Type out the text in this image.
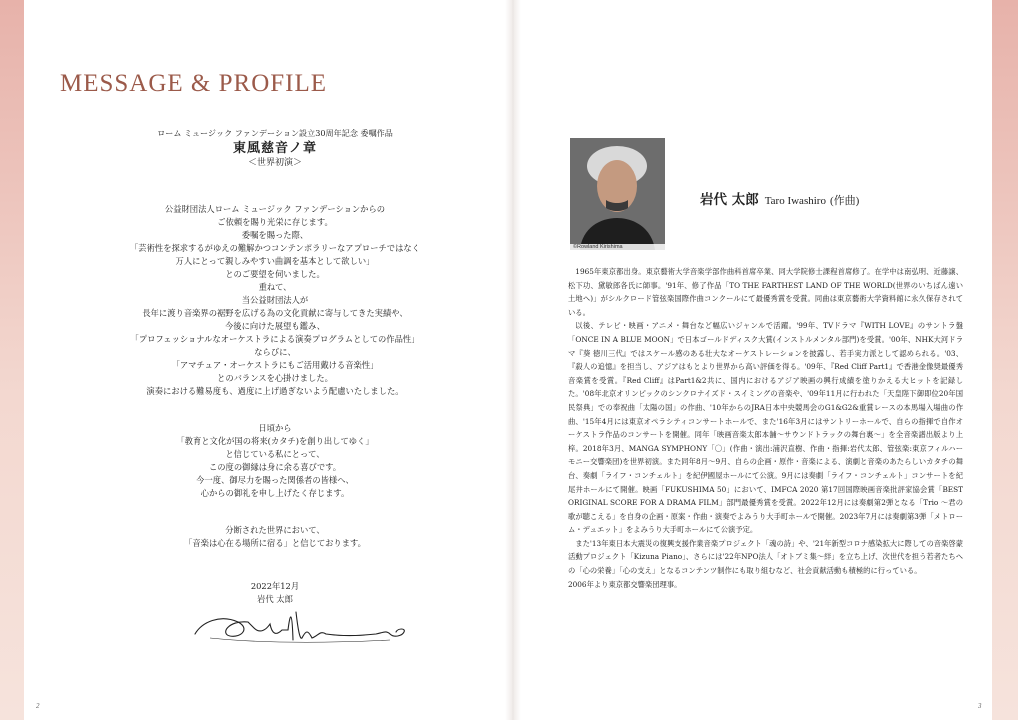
MESSAGE & PROFILE
ローム ミュージック ファンデーション設立30周年記念 委嘱作品
東風慈音ノ章
＜世界初演＞
公益財団法人ローム ミュージック ファンデーションからの
ご依頼を賜り光栄に存じます。
委嘱を賜った際、
「芸術性を探求するがゆえの難解かつコンテンポラリーなアプローチではなく
万人にとって親しみやすい曲調を基本として欲しい」
とのご要望を伺いました。
重ねて、
当公益財団法人が
長年に渡り音楽界の裾野を広げる為の文化貢献に寄与してきた実績や、
今後に向けた展望も鑑み、
「プロフェッショナルなオーケストラによる演奏プログラムとしての作品性」
ならびに、
「アマチュア・オーケストラにもご活用戴ける音楽性」
とのバランスを心掛けました。
演奏における難易度も、過度に上げ過ぎないよう配慮いたしました。
日頃から
「教育と文化が国の将来(カタチ)を創り出してゆく」
と信じている私にとって、
この度の御縁は身に余る喜びです。
今一度、御尽力を賜った関係者の皆様へ、
心からの御礼を申し上げたく存じます。
分断された世界において、
「音楽は心在る場所に宿る」と信じております。
2022年12月
岩代 太郎
©Rowland Kirishima
岩代 太郎 Taro Iwashiro (作曲)

1965年東京都出身。東京藝術大学音楽学部作曲科首席卒業、同大学院修士課程首席修了。在学中は南弘明、近藤譲、松下功、黛敏郎各氏に師事。'91年、修了作品「TO THE FARTHEST LAND OF THE WORLD(世界のいちばん遠い土地へ)」がシルクロード管弦楽国際作曲コンクールにて最優秀賞を受賞。同曲は東京藝術大学資料館に永久保存されている。

以後、テレビ・映画・アニメ・舞台など幅広いジャンルで活躍。'99年、TVドラマ『WITH LOVE』のサントラ盤「ONCE IN A BLUE MOON」で日本ゴールドディスク大賞(インストルメンタル部門)を受賞。'00年、NHK大河ドラマ『葵 徳川三代』ではスケール感のある壮大なオーケストレーションを披露し、若手実力派として認められる。'03、『殺人の追憶』を担当し、アジアはもとより世界から高い評価を得る。'09年、『Red Cliff Part1』で香港金像奨最優秀音楽賞を受賞。『Red Cliff』はPart1&2共に、国内におけるアジア映画の興行成績を塗りかえる大ヒットを記録した。'08年北京オリンピックのシンクロナイズド・スイミングの音楽や、'09年11月に行われた「天皇陛下御即位20年国民祭典」での奉祝曲「太陽の国」の作曲、'10年からのJRA日本中央競馬会のG1&G2&重賞レースの本馬場入場曲の作曲、'15年4月には東京オペラシティコンサートホールで、また'16年3月にはサントリーホールで、自らの指揮で自作オーケストラ作品のコンサートを開催。同年「映画音楽太郎本舗～サウンドトラックの舞台裏～」を全音楽譜出版より上梓。2018年3月、MANGA SYMPHONY「〇」(作曲・演出:浦沢直樹、作曲・指揮:岩代太郎、管弦楽:東京フィルハーモニー交響楽団)を世界初演。また同年8月～9月、自らの企画・原作・音楽による、演劇と音楽のあたらしいカタチの舞台、奏劇「ライフ・コンチェルト」を紀伊國屋ホールにて公演。9月には奏劇「ライフ・コンチェルト」コンサートを紀尾井ホールにて開催。映画「FUKUSHIMA 50」において、IMFCA 2020 第17回国際映画音楽批評家協会賞「BEST ORIGINAL SCORE FOR A DRAMA FILM」部門最優秀賞を受賞。2022年12月には奏劇第2弾となる「Trio ～君の歌が聴こえる」を自身の企画・原案・作曲・演奏でよみうり大手町ホールで開催。2023年7月には奏劇第3弾「メトローム・デュエット」をよみうり大手町ホールにて公演予定。

また'13年東日本大震災の復興支援作業音楽プロジェクト「魂の詩」や、'21年新型コロナ感染拡大に際しての音楽啓蒙活動プロジェクト「Kizuna Piano」、さらには'22年NPO法人「オトブミ集～絆」を立ち上げ、次世代を担う若者たちへの「心の栄養」「心の支え」となるコンテンツ制作にも取り組むなど、社会貢献活動も積極的に行っている。

2006年より東京都交響楽団理事。

2	3
